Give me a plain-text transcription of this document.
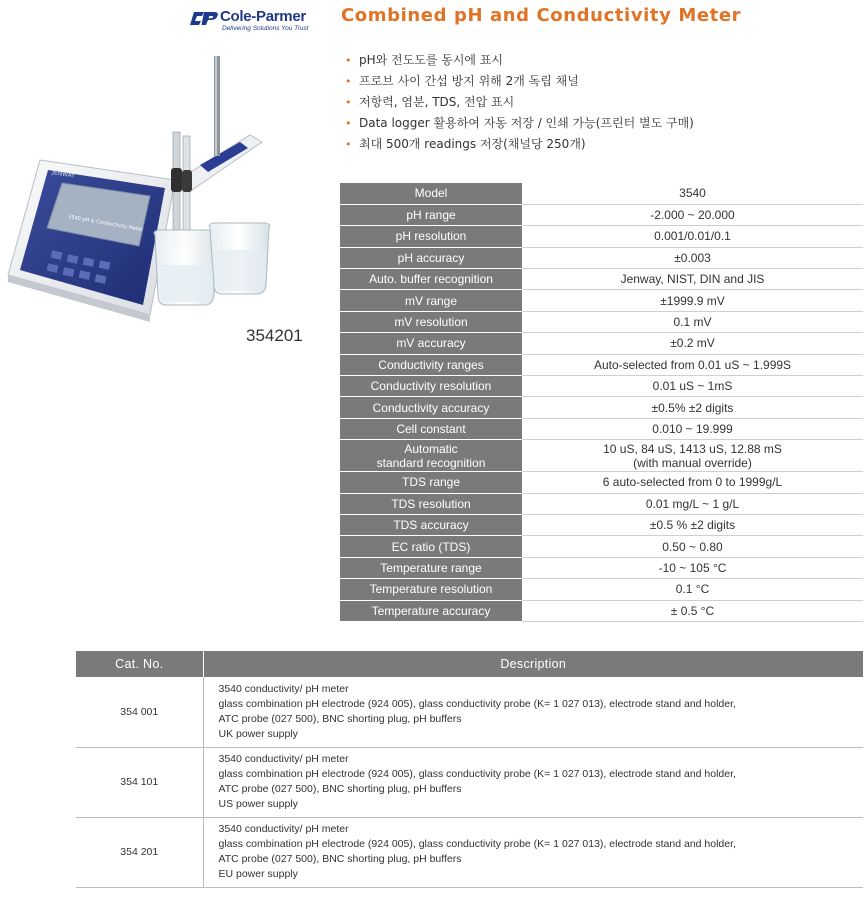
Cole-Parmer
Delivering Solutions You Trust
Combined pH and Conductivity Meter
• pH와 전도도를 동시에 표시
• 프로브 사이 간섭 방지 위해 2개 독립 채널
• 저항력, 염분, TDS, 전압 표시
• Data logger 활용하여 자동 저장 / 인쇄 가능(프린터 별도 구매)
• 최대 500개 readings 저장(채널당 250개)
JENWAY
3540 pH & Conductivity Meter
354201
Model	3540
pH range	-2.000 ~ 20.000
pH resolution	0.001/0.01/0.1
pH accuracy	±0.003
Auto. buffer recognition	Jenway, NIST, DIN and JIS
mV range	±1999.9 mV
mV resolution	0.1 mV
mV accuracy	±0.2 mV
Conductivity ranges	Auto-selected from 0.01 uS ~ 1.999S
Conductivity resolution	0.01 uS ~ 1mS
Conductivity accuracy	±0.5% ±2 digits
Cell constant	0.010 ~ 19.999
Automatic
standard recognition	10 uS, 84 uS, 1413 uS, 12.88 mS
(with manual override)
TDS range	6 auto-selected from 0 to 1999g/L
TDS resolution	0.01 mg/L ~ 1 g/L
TDS accuracy	±0.5 % ±2 digits
EC ratio (TDS)	0.50 ~ 0.80
Temperature range	-10 ~ 105 °C
Temperature resolution	0.1 °C
Temperature accuracy	± 0.5 °C
Cat. No.	Description
354 001	3540 conductivity/ pH meter
glass combination pH electrode (924 005), glass conductivity probe (K= 1 027 013), electrode stand and holder,
ATC probe (027 500), BNC shorting plug, pH buffers
UK power supply

354 101	3540 conductivity/ pH meter
glass combination pH electrode (924 005), glass conductivity probe (K= 1 027 013), electrode stand and holder,
ATC probe (027 500), BNC shorting plug, pH buffers
US power supply

354 201	3540 conductivity/ pH meter
glass combination pH electrode (924 005), glass conductivity probe (K= 1 027 013), electrode stand and holder,
ATC probe (027 500), BNC shorting plug, pH buffers
EU power supply
